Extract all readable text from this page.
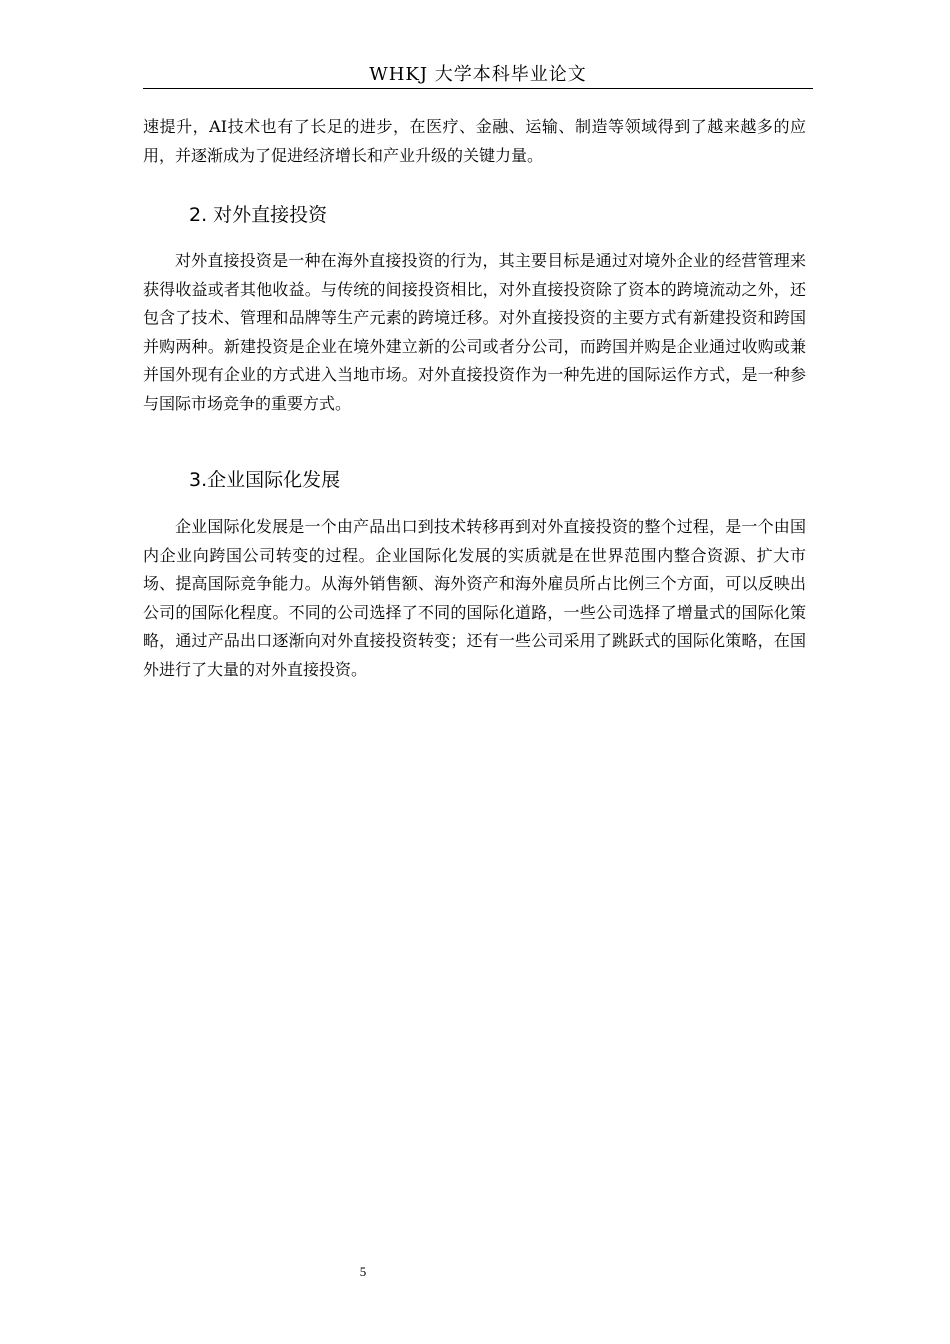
WHKJ 大学本科毕业论文

速提升，AI技术也有了长足的进步，在医疗、金融、运输、制造等领域得到了越来越多的应用，并逐渐成为了促进经济增长和产业升级的关键力量。

2. 对外直接投资

对外直接投资是一种在海外直接投资的行为，其主要目标是通过对境外企业的经营管理来获得收益或者其他收益。与传统的间接投资相比，对外直接投资除了资本的跨境流动之外，还包含了技术、管理和品牌等生产元素的跨境迁移。对外直接投资的主要方式有新建投资和跨国并购两种。新建投资是企业在境外建立新的公司或者分公司，而跨国并购是企业通过收购或兼并国外现有企业的方式进入当地市场。对外直接投资作为一种先进的国际运作方式，是一种参与国际市场竞争的重要方式。

3.企业国际化发展

企业国际化发展是一个由产品出口到技术转移再到对外直接投资的整个过程，是一个由国内企业向跨国公司转变的过程。企业国际化发展的实质就是在世界范围内整合资源、扩大市场、提高国际竞争能力。从海外销售额、海外资产和海外雇员所占比例三个方面，可以反映出公司的国际化程度。不同的公司选择了不同的国际化道路，一些公司选择了增量式的国际化策略，通过产品出口逐渐向对外直接投资转变；还有一些公司采用了跳跃式的国际化策略，在国外进行了大量的对外直接投资。

5
